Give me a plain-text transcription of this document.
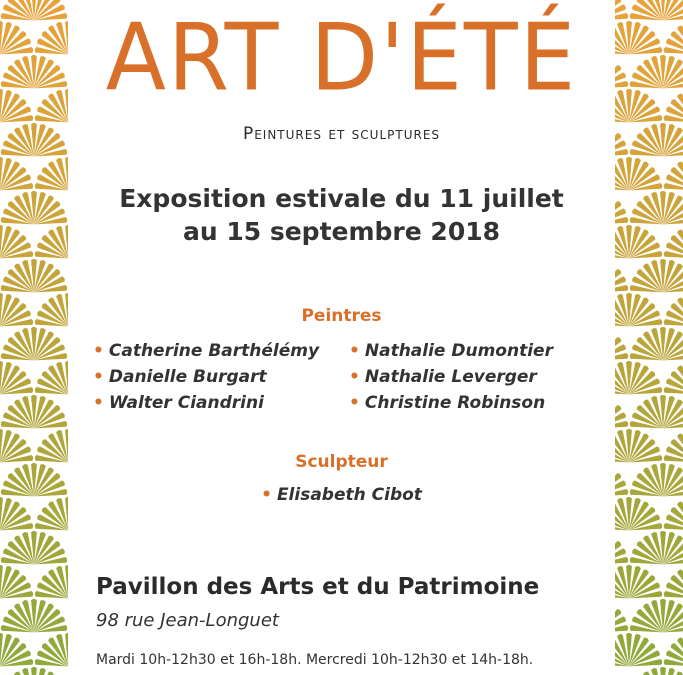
ART D'ÉTÉ
Peintures et sculptures
Exposition estivale du 11 juillet
au 15 septembre 2018
Peintres
• Catherine Barthélémy
• Danielle Burgart
• Walter Ciandrini
• Nathalie Dumontier
• Nathalie Leverger
• Christine Robinson
Sculpteur
• Elisabeth Cibot
Pavillon des Arts et du Patrimoine
98 rue Jean-Longuet
Mardi 10h-12h30 et 16h-18h. Mercredi 10h-12h30 et 14h-18h.
